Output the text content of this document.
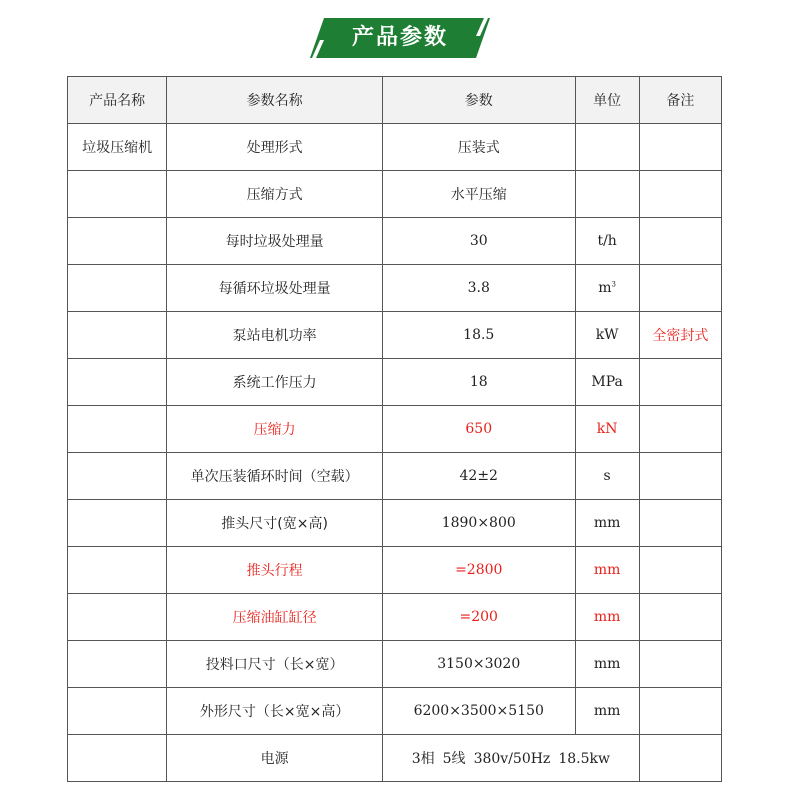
产品参数
产品名称	参数名称	参数	单位	备注
垃圾压缩机	处理形式	压装式		
	压缩方式	水平压缩		
	每时垃圾处理量	30	t/h	
	每循环垃圾处理量	3.8	$m^3$	
	泵站电机功率	18.5	kW	全密封式
	系统工作压力	18	MPa	
	压缩力	650	kN	
	单次压装循环时间（空载）	42±2	s	
	推头尺寸(宽×高)	1890×800	mm	
	推头行程	=2800	mm	
	压缩油缸缸径	=200	mm	
	投料口尺寸（长×宽）	3150×3020	mm	
	外形尺寸（长×宽×高）	6200×3500×5150	mm	
	电源	3相 5线 380v/50Hz 18.5kw		
